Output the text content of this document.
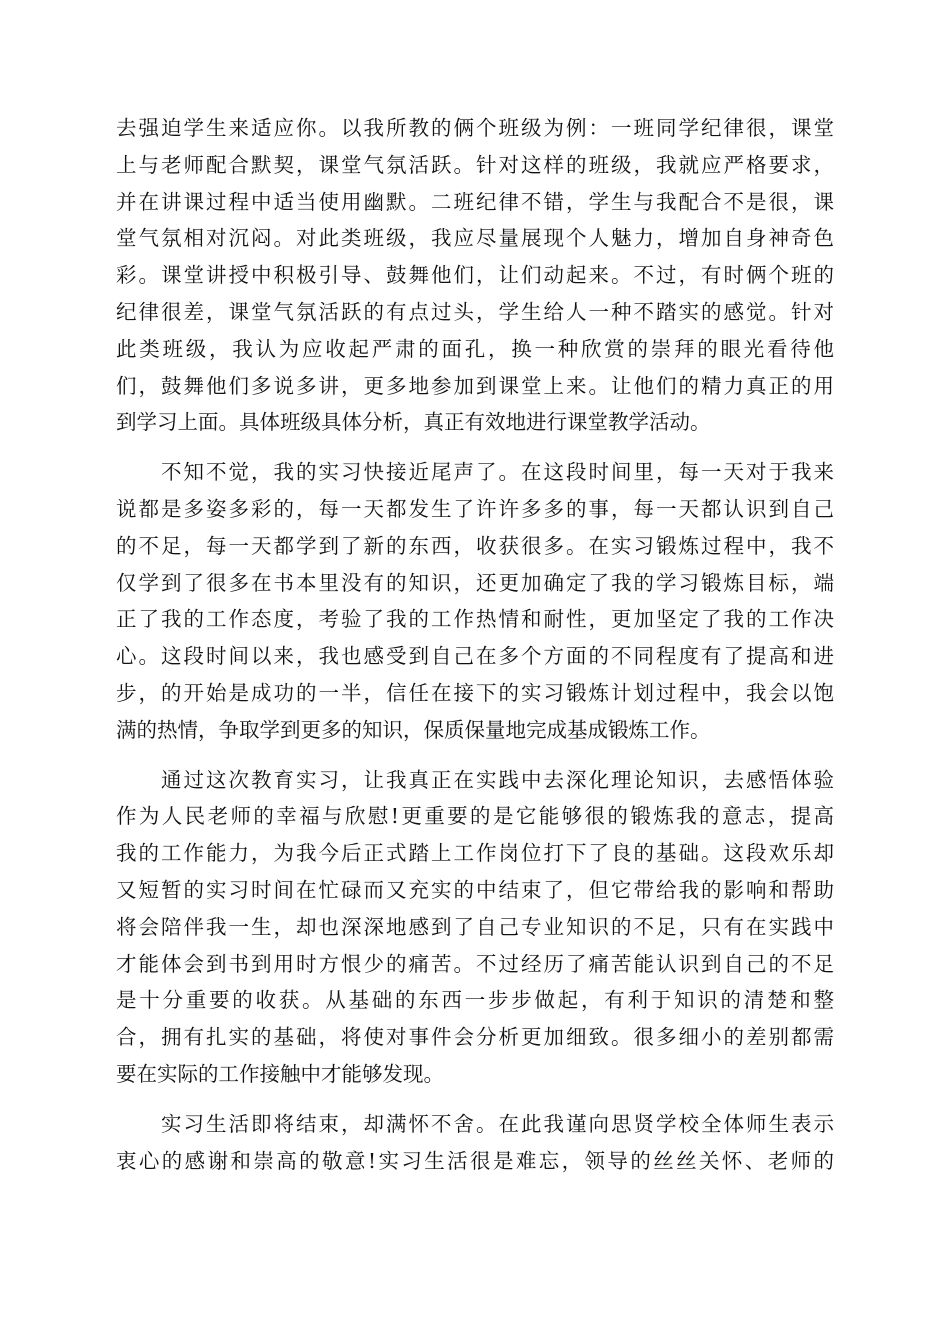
去强迫学生来适应你。以我所教的俩个班级为例：一班同学纪律很，课堂
上与老师配合默契，课堂气氛活跃。针对这样的班级，我就应严格要求，
并在讲课过程中适当使用幽默。二班纪律不错，学生与我配合不是很，课
堂气氛相对沉闷。对此类班级，我应尽量展现个人魅力，增加自身神奇色
彩。课堂讲授中积极引导、鼓舞他们，让们动起来。不过，有时俩个班的
纪律很差，课堂气氛活跃的有点过头，学生给人一种不踏实的感觉。针对
此类班级，我认为应收起严肃的面孔，换一种欣赏的崇拜的眼光看待他
们，鼓舞他们多说多讲，更多地参加到课堂上来。让他们的精力真正的用
到学习上面。具体班级具体分析，真正有效地进行课堂教学活动。
　　不知不觉，我的实习快接近尾声了。在这段时间里，每一天对于我来
说都是多姿多彩的，每一天都发生了许许多多的事，每一天都认识到自己
的不足，每一天都学到了新的东西，收获很多。在实习锻炼过程中，我不
仅学到了很多在书本里没有的知识，还更加确定了我的学习锻炼目标，端
正了我的工作态度，考验了我的工作热情和耐性，更加坚定了我的工作决
心。这段时间以来，我也感受到自己在多个方面的不同程度有了提高和进
步，的开始是成功的一半，信任在接下的实习锻炼计划过程中，我会以饱
满的热情，争取学到更多的知识，保质保量地完成基成锻炼工作。
　　通过这次教育实习，让我真正在实践中去深化理论知识，去感悟体验
作为人民老师的幸福与欣慰!更重要的是它能够很的锻炼我的意志，提高
我的工作能力，为我今后正式踏上工作岗位打下了良的基础。这段欢乐却
又短暂的实习时间在忙碌而又充实的中结束了，但它带给我的影响和帮助
将会陪伴我一生，却也深深地感到了自己专业知识的不足，只有在实践中
才能体会到书到用时方恨少的痛苦。不过经历了痛苦能认识到自己的不足
是十分重要的收获。从基础的东西一步步做起，有利于知识的清楚和整
合，拥有扎实的基础，将使对事件会分析更加细致。很多细小的差别都需
要在实际的工作接触中才能够发现。
　　实习生活即将结束，却满怀不舍。在此我谨向思贤学校全体师生表示
衷心的感谢和崇高的敬意!实习生活很是难忘，领导的丝丝关怀、老师的
